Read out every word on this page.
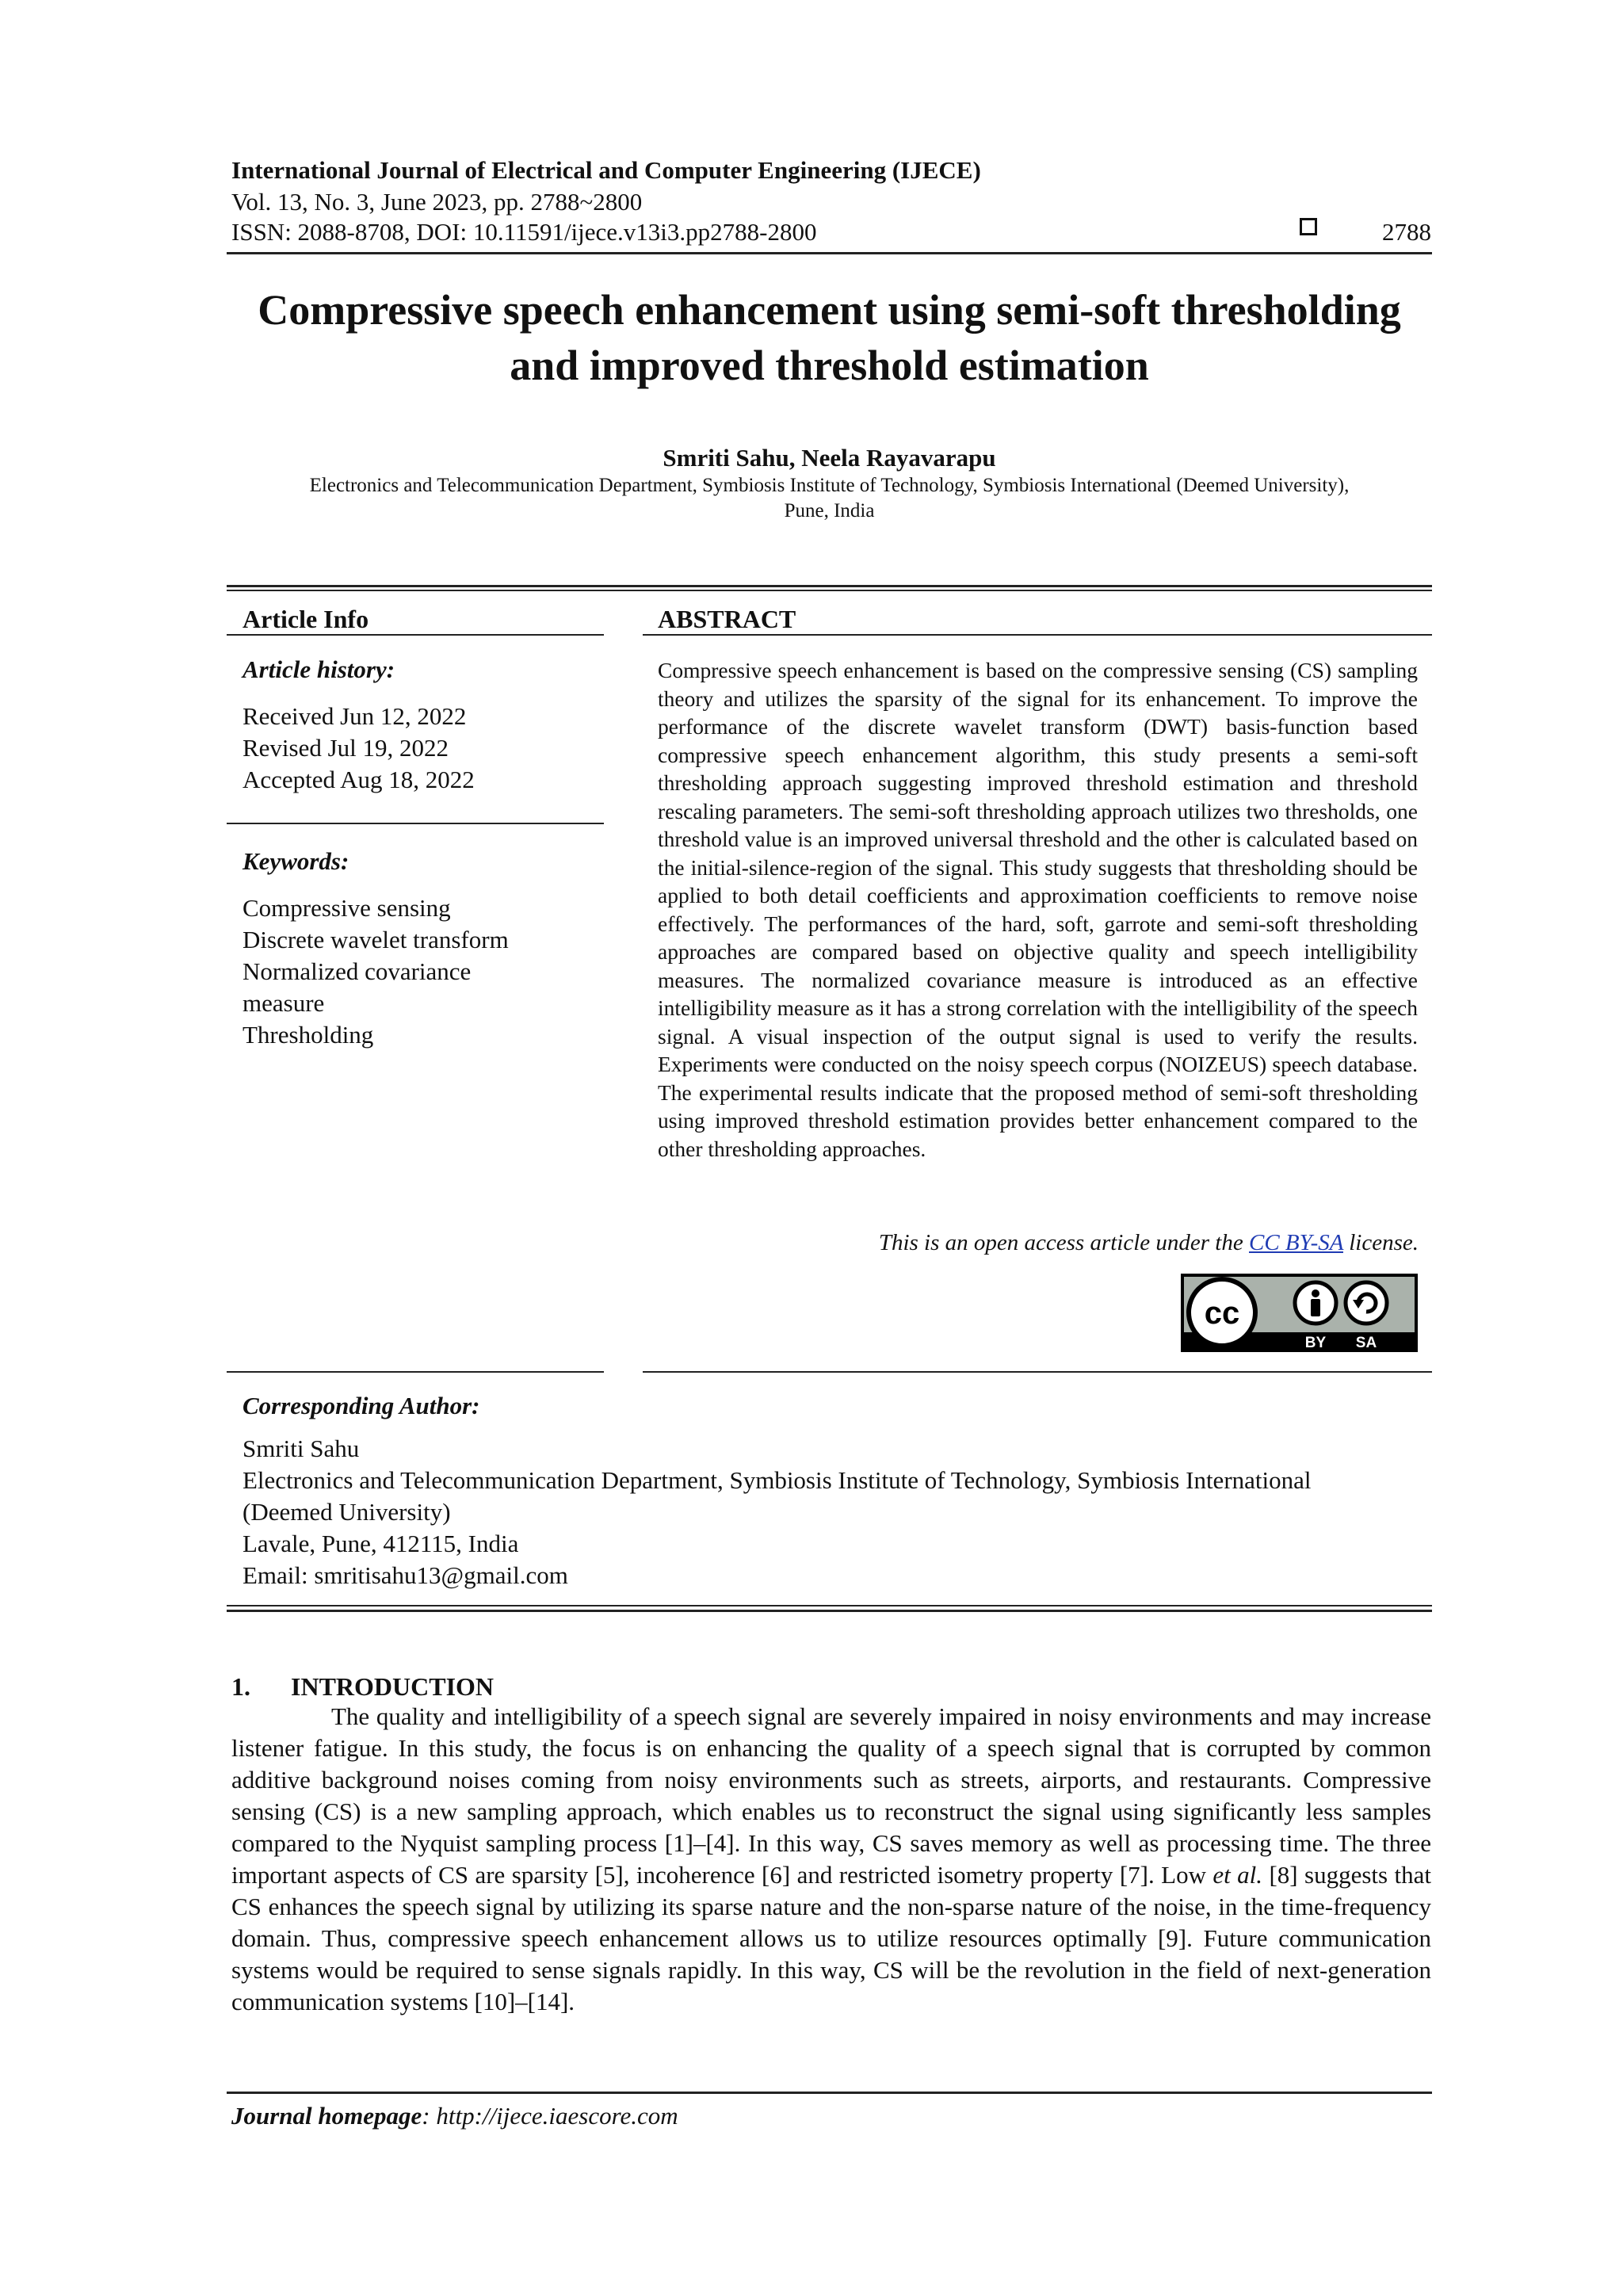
International Journal of Electrical and Computer Engineering (IJECE)
Vol. 13, No. 3, June 2023, pp. 2788~2800
ISSN: 2088-8708, DOI: 10.11591/ijece.v13i3.pp2788-2800	2788
Compressive speech enhancement using semi-soft thresholding
and improved threshold estimation
Smriti Sahu, Neela Rayavarapu
Electronics and Telecommunication Department, Symbiosis Institute of Technology, Symbiosis International (Deemed University),
Pune, India
Article Info
Article history:
Received Jun 12, 2022
Revised Jul 19, 2022
Accepted Aug 18, 2022
Keywords:
Compressive sensing
Discrete wavelet transform
Normalized covariance
measure
Thresholding
ABSTRACT
Compressive speech enhancement is based on the compressive sensing (CS) sampling theory and utilizes the sparsity of the signal for its enhancement. To improve the performance of the discrete wavelet transform (DWT) basis-function based compressive speech enhancement algorithm, this study presents a semi-soft thresholding approach suggesting improved threshold estimation and threshold rescaling parameters. The semi-soft thresholding approach utilizes two thresholds, one threshold value is an improved universal threshold and the other is calculated based on the initial-silence-region of the signal. This study suggests that thresholding should be applied to both detail coefficients and approximation coefficients to remove noise effectively. The performances of the hard, soft, garrote and semi-soft thresholding approaches are compared based on objective quality and speech intelligibility measures. The normalized covariance measure is introduced as an effective intelligibility measure as it has a strong correlation with the intelligibility of the speech signal. A visual inspection of the output signal is used to verify the results. Experiments were conducted on the noisy speech corpus (NOIZEUS) speech database. The experimental results indicate that the proposed method of semi-soft thresholding using improved threshold estimation provides better enhancement compared to the other thresholding approaches.
This is an open access article under the CC BY-SA license.
cc
BY SA
Corresponding Author:
Smriti Sahu
Electronics and Telecommunication Department, Symbiosis Institute of Technology, Symbiosis International
(Deemed University)
Lavale, Pune, 412115, India
Email: smritisahu13@gmail.com
1. INTRODUCTION
The quality and intelligibility of a speech signal are severely impaired in noisy environments and may increase listener fatigue. In this study, the focus is on enhancing the quality of a speech signal that is corrupted by common additive background noises coming from noisy environments such as streets, airports, and restaurants. Compressive sensing (CS) is a new sampling approach, which enables us to reconstruct the signal using significantly less samples compared to the Nyquist sampling process [1]–[4]. In this way, CS saves memory as well as processing time. The three important aspects of CS are sparsity [5], incoherence [6] and restricted isometry property [7]. Low et al. [8] suggests that CS enhances the speech signal by utilizing its sparse nature and the non-sparse nature of the noise, in the time-frequency domain. Thus, compressive speech enhancement allows us to utilize resources optimally [9]. Future communication systems would be required to sense signals rapidly. In this way, CS will be the revolution in the field of next-generation communication systems [10]–[14].
Journal homepage: http://ijece.iaescore.com
